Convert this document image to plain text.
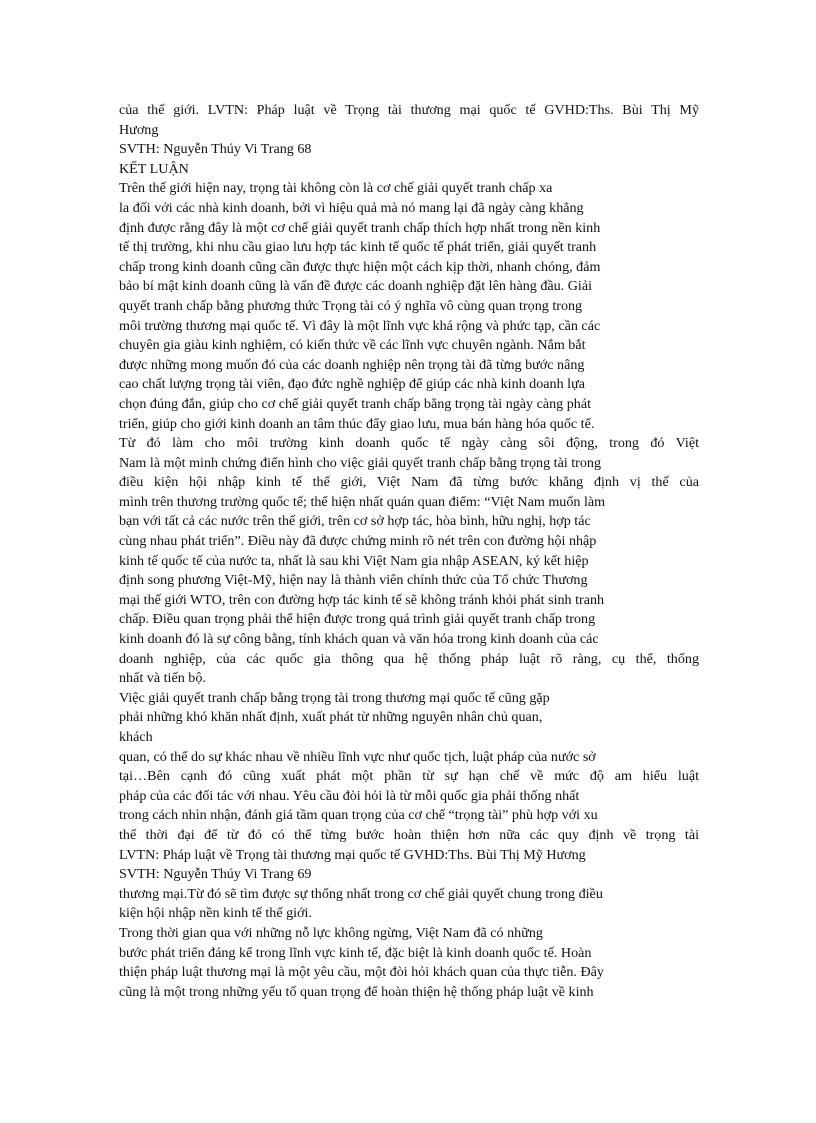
của thế giới. LVTN: Pháp luật về Trọng tài thương mại quốc tế GVHD:Ths. Bùi Thị Mỹ
Hương
SVTH: Nguyễn Thúy Vi Trang 68
KẾT LUẬN
Trên thế giới hiện nay, trọng tài không còn là cơ chế giải quyết tranh chấp xa
la đối với các nhà kinh doanh, bởi vì hiệu quả mà nó mang lại đã ngày càng khẳng
định được rằng đây là một cơ chế giải quyết tranh chấp thích hợp nhất trong nền kinh
tế thị trường, khi nhu cầu giao lưu hợp tác kinh tế quốc tế phát triển, giải quyết tranh
chấp trong kinh doanh cũng cần được thực hiện một cách kịp thời, nhanh chóng, đảm
bảo bí mật kinh doanh cũng là vấn đề được các doanh nghiệp đặt lên hàng đầu. Giải
quyết tranh chấp bằng phương thức Trọng tài có ý nghĩa vô cùng quan trọng trong
môi trường thương mại quốc tế. Vì đây là một lĩnh vực khá rộng và phức tạp, cần các
chuyên gia giàu kinh nghiệm, có kiến thức về các lĩnh vực chuyên ngành. Nắm bắt
được những mong muốn đó của các doanh nghiệp nên trọng tài đã từng bước nâng
cao chất lượng trọng tài viên, đạo đức nghề nghiệp để giúp các nhà kinh doanh lựa
chọn đúng đắn, giúp cho cơ chế giải quyết tranh chấp bằng trọng tài ngày càng phát
triển, giúp cho giới kinh doanh an tâm thúc đẩy giao lưu, mua bán hàng hóa quốc tế.
Từ đó làm cho môi trường kinh doanh quốc tế ngày càng sôi động, trong đó Việt
Nam là một minh chứng điển hình cho việc giải quyết tranh chấp bằng trọng tài trong
điều kiện hội nhập kinh tế thế giới, Việt Nam đã từng bước khẳng định vị thế của
mình trên thương trường quốc tế; thể hiện nhất quán quan điểm: “Việt Nam muốn làm
bạn với tất cả các nước trên thế giới, trên cơ sở hợp tác, hòa bình, hữu nghị, hợp tác
cùng nhau phát triển”. Điều này đã được chứng minh rõ nét trên con đường hội nhập
kinh tế quốc tế của nước ta, nhất là sau khi Việt Nam gia nhập ASEAN, ký kết hiệp
định song phương Việt-Mỹ, hiện nay là thành viên chính thức của Tổ chức Thương
mại thế giới WTO, trên con đường hợp tác kinh tế sẽ không tránh khỏi phát sinh tranh
chấp. Điều quan trọng phải thể hiện được trong quá trình giải quyết tranh chấp trong
kinh doanh đó là sự công bằng, tính khách quan và văn hóa trong kinh doanh của các
doanh nghiệp, của các quốc gia thông qua hệ thống pháp luật rõ ràng, cụ thể, thống
nhất và tiến bộ.
Việc giải quyết tranh chấp bằng trọng tài trong thương mại quốc tế cũng gặp
phải những khó khăn nhất định, xuất phát từ những nguyên nhân chủ quan,
khách
quan, có thể do sự khác nhau về nhiều lĩnh vực như quốc tịch, luật pháp của nước sở
tại…Bên cạnh đó cũng xuất phát một phần từ sự hạn chế về mức độ am hiểu luật
pháp của các đối tác với nhau. Yêu cầu đòi hỏi là từ mỗi quốc gia phải thống nhất
trong cách nhìn nhận, đánh giá tầm quan trọng của cơ chế “trọng tài” phù hợp với xu
thế thời đại để từ đó có thể từng bước hoàn thiện hơn nữa các quy định về trọng tài
LVTN: Pháp luật về Trọng tài thương mại quốc tế GVHD:Ths. Bùi Thị Mỹ Hương
SVTH: Nguyễn Thúy Vi Trang 69
thương mại.Từ đó sẽ tìm được sự thống nhất trong cơ chế giải quyết chung trong điều
kiện hội nhập nền kinh tế thế giới.
Trong thời gian qua với những nỗ lực không ngừng, Việt Nam đã có những
bước phát triển đáng kể trong lĩnh vực kinh tế, đặc biệt là kinh doanh quốc tế. Hoàn
thiện pháp luật thương mại là một yêu cầu, một đòi hỏi khách quan của thực tiễn. Đây
cũng là một trong những yếu tố quan trọng để hoàn thiện hệ thống pháp luật về kinh
